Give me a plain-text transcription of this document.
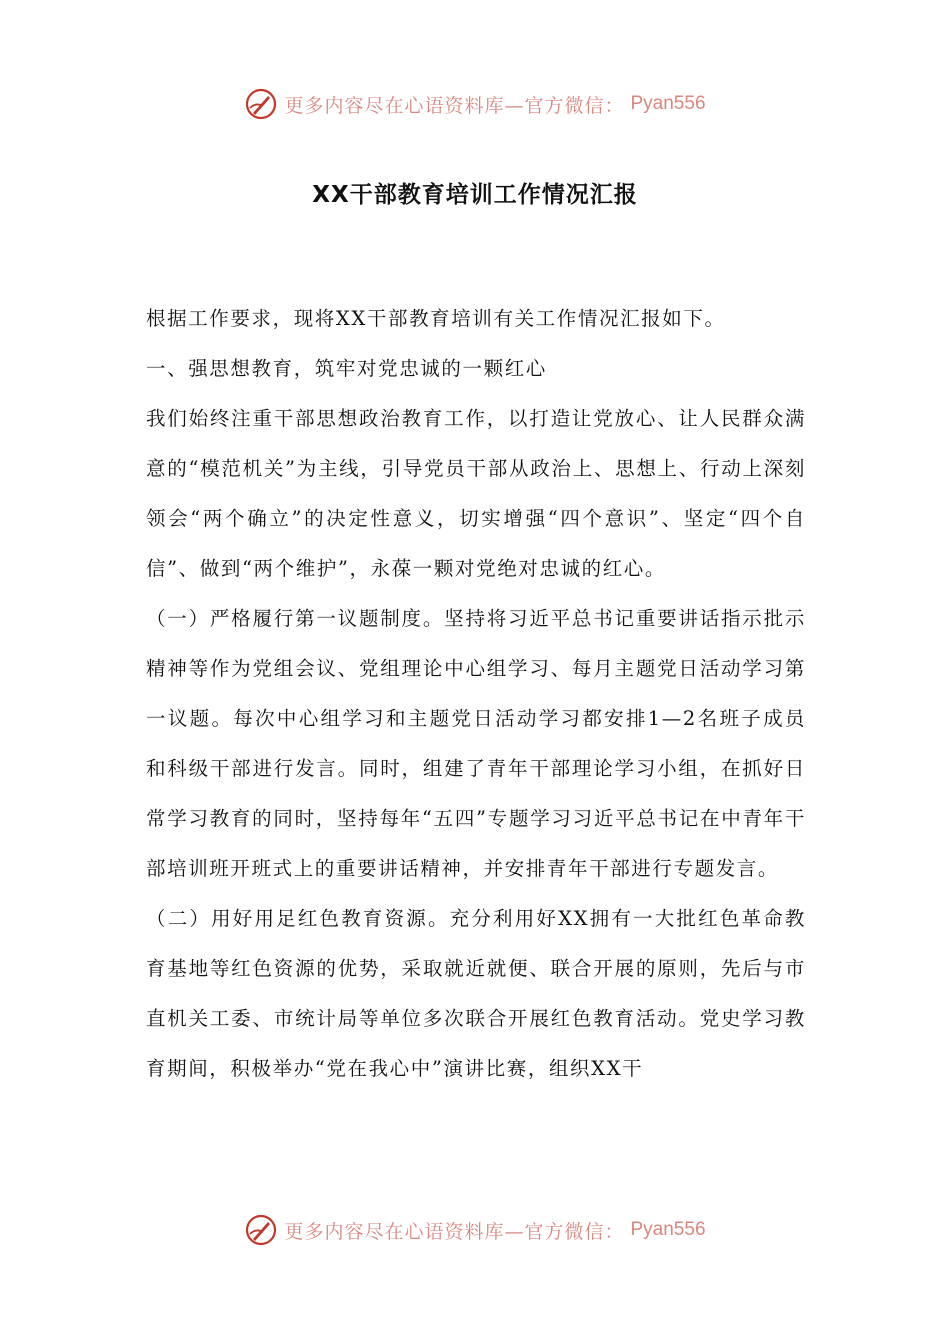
更多内容尽在心语资料库—官方微信： Pyan556
XX干部教育培训工作情况汇报

根据工作要求，现将XX干部教育培训有关工作情况汇报如下。

一、强思想教育，筑牢对党忠诚的一颗红心

我们始终注重干部思想政治教育工作，以打造让党放心、让人民群众满意的“模范机关”为主线，引导党员干部从政治上、思想上、行动上深刻领会“两个确立”的决定性意义，切实增强“四个意识”、坚定“四个自信”、做到“两个维护”，永葆一颗对党绝对忠诚的红心。

（一）严格履行第一议题制度。坚持将习近平总书记重要讲话指示批示精神等作为党组会议、党组理论中心组学习、每月主题党日活动学习第一议题。每次中心组学习和主题党日活动学习都安排1—2名班子成员和科级干部进行发言。同时，组建了青年干部理论学习小组，在抓好日常学习教育的同时，坚持每年“五四”专题学习习近平总书记在中青年干部培训班开班式上的重要讲话精神，并安排青年干部进行专题发言。

（二）用好用足红色教育资源。充分利用好XX拥有一大批红色革命教育基地等红色资源的优势，采取就近就便、联合开展的原则，先后与市直机关工委、市统计局等单位多次联合开展红色教育活动。党史学习教育期间，积极举办“党在我心中”演讲比赛，组织XX干

更多内容尽在心语资料库—官方微信： Pyan556
